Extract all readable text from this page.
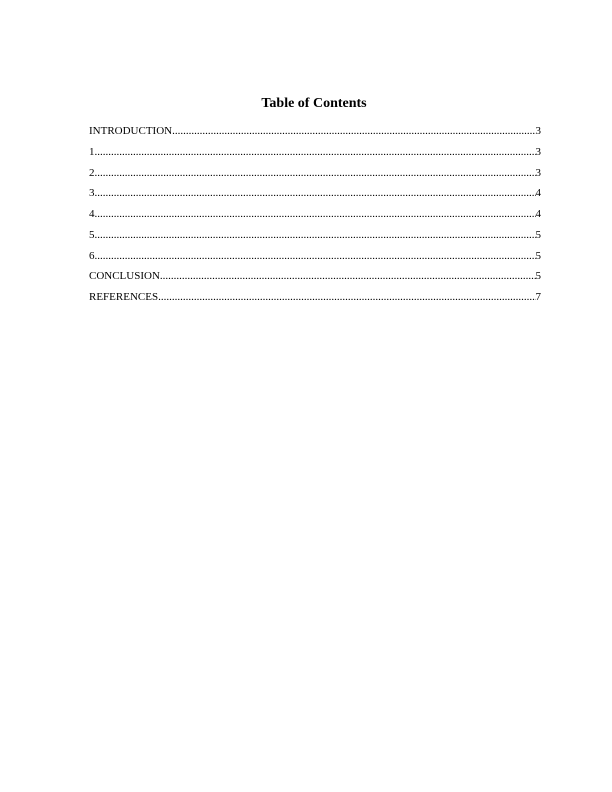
Table of Contents
INTRODUCTION .....	3
1 .....	3
2 .....	3
3 .....	4
4 .....	4
5 .....	5
6 .....	5
CONCLUSION .....	5
REFERENCES .....	7
